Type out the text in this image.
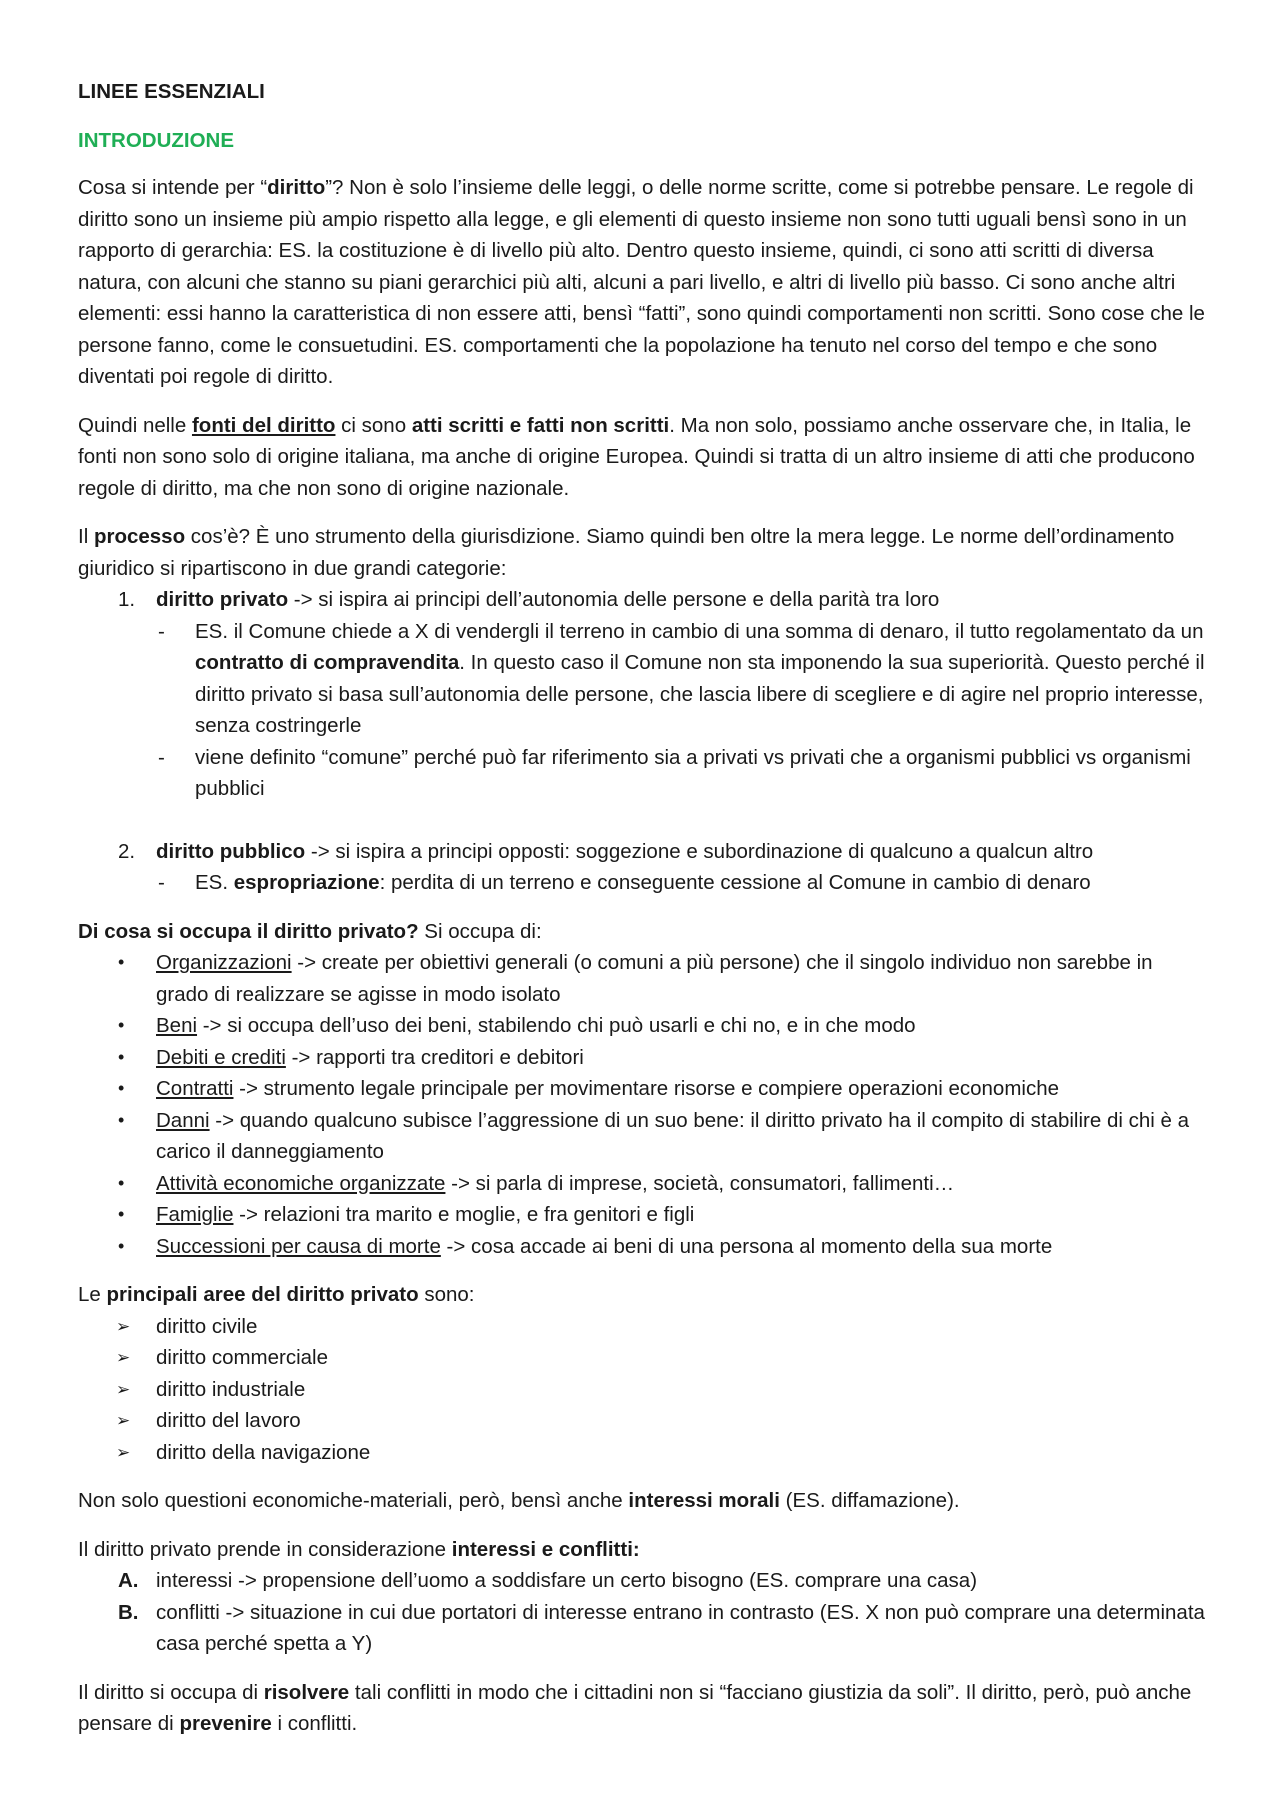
LINEE ESSENZIALI

INTRODUZIONE

Cosa si intende per “diritto”? Non è solo l’insieme delle leggi, o delle norme scritte, come si potrebbe pensare. Le regole di diritto sono un insieme più ampio rispetto alla legge, e gli elementi di questo insieme non sono tutti uguali bensì sono in un rapporto di gerarchia: ES. la costituzione è di livello più alto. Dentro questo insieme, quindi, ci sono atti scritti di diversa natura, con alcuni che stanno su piani gerarchici più alti, alcuni a pari livello, e altri di livello più basso. Ci sono anche altri elementi: essi hanno la caratteristica di non essere atti, bensì “fatti”, sono quindi comportamenti non scritti. Sono cose che le persone fanno, come le consuetudini. ES. comportamenti che la popolazione ha tenuto nel corso del tempo e che sono diventati poi regole di diritto.

Quindi nelle fonti del diritto ci sono atti scritti e fatti non scritti. Ma non solo, possiamo anche osservare che, in Italia, le fonti non sono solo di origine italiana, ma anche di origine Europea. Quindi si tratta di un altro insieme di atti che producono regole di diritto, ma che non sono di origine nazionale.

Il processo cos’è? È uno strumento della giurisdizione. Siamo quindi ben oltre la mera legge. Le norme dell’ordinamento giuridico si ripartiscono in due grandi categorie:

1. diritto privato -> si ispira ai principi dell’autonomia delle persone e della parità tra loro
- ES. il Comune chiede a X di vendergli il terreno in cambio di una somma di denaro, il tutto regolamentato da un contratto di compravendita. In questo caso il Comune non sta imponendo la sua superiorità. Questo perché il diritto privato si basa sull’autonomia delle persone, che lascia libere di scegliere e di agire nel proprio interesse, senza costringerle
- viene definito “comune” perché può far riferimento sia a privati vs privati che a organismi pubblici vs organismi pubblici
2. diritto pubblico -> si ispira a principi opposti: soggezione e subordinazione di qualcuno a qualcun altro
- ES. espropriazione: perdita di un terreno e conseguente cessione al Comune in cambio di denaro

Di cosa si occupa il diritto privato? Si occupa di:

• Organizzazioni -> create per obiettivi generali (o comuni a più persone) che il singolo individuo non sarebbe in grado di realizzare se agisse in modo isolato
• Beni -> si occupa dell’uso dei beni, stabilendo chi può usarli e chi no, e in che modo
• Debiti e crediti -> rapporti tra creditori e debitori
• Contratti -> strumento legale principale per movimentare risorse e compiere operazioni economiche
• Danni -> quando qualcuno subisce l’aggressione di un suo bene: il diritto privato ha il compito di stabilire di chi è a carico il danneggiamento
• Attività economiche organizzate -> si parla di imprese, società, consumatori, fallimenti…
• Famiglie -> relazioni tra marito e moglie, e fra genitori e figli
• Successioni per causa di morte -> cosa accade ai beni di una persona al momento della sua morte

Le principali aree del diritto privato sono:

➢ diritto civile
➢ diritto commerciale
➢ diritto industriale
➢ diritto del lavoro
➢ diritto della navigazione

Non solo questioni economiche-materiali, però, bensì anche interessi morali (ES. diffamazione).

Il diritto privato prende in considerazione interessi e conflitti:

A. interessi -> propensione dell’uomo a soddisfare un certo bisogno (ES. comprare una casa)
B. conflitti -> situazione in cui due portatori di interesse entrano in contrasto (ES. X non può comprare una determinata casa perché spetta a Y)

Il diritto si occupa di risolvere tali conflitti in modo che i cittadini non si “facciano giustizia da soli”. Il diritto, però, può anche pensare di prevenire i conflitti.
